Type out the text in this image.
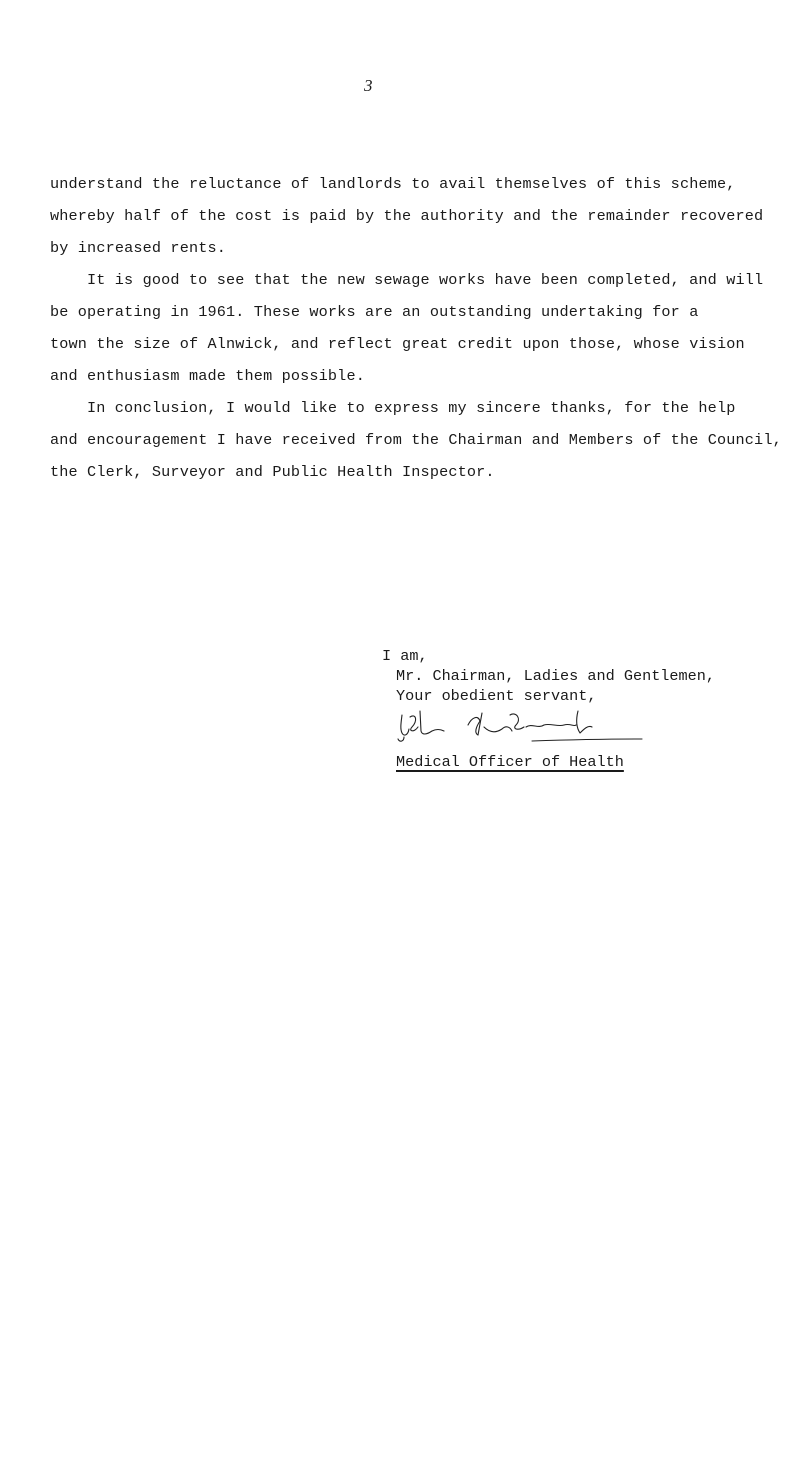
3

understand the reluctance of landlords to avail themselves of this scheme,
whereby half of the cost is paid by the authority and the remainder recovered
by increased rents.

It is good to see that the new sewage works have been completed, and will
be operating in 1961. These works are an outstanding undertaking for a
town the size of Alnwick, and reflect great credit upon those, whose vision
and enthusiasm made them possible.

In conclusion, I would like to express my sincere thanks, for the help
and encouragement I have received from the Chairman and Members of the Council,
the Clerk, Surveyor and Public Health Inspector.

I am,
Mr. Chairman, Ladies and Gentlemen,
Your obedient servant,
Medical Officer of Health
